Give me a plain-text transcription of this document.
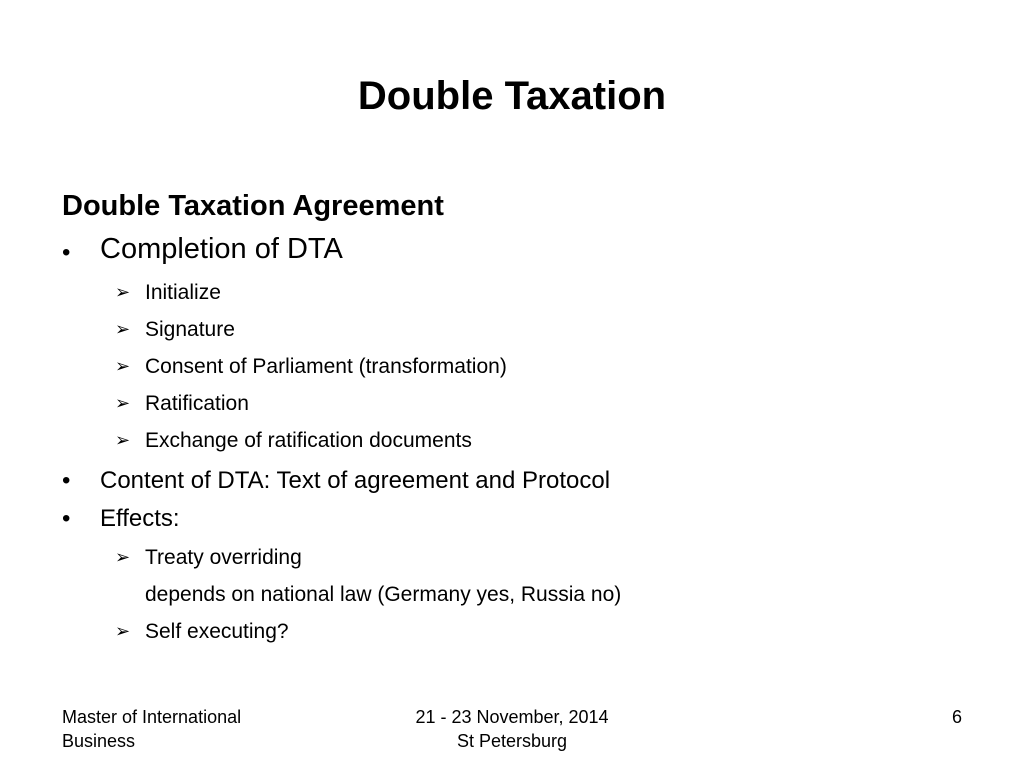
Double Taxation
Double Taxation Agreement
• Completion of DTA
➢ Initialize
➢ Signature
➢ Consent of Parliament (transformation)
➢ Ratification
➢ Exchange of ratification documents
• Content of DTA: Text of agreement and Protocol
• Effects:
➢ Treaty overriding
depends on national law (Germany yes, Russia no)
➢ Self executing?
Master of International
Business
21 - 23 November, 2014
St Petersburg
6
